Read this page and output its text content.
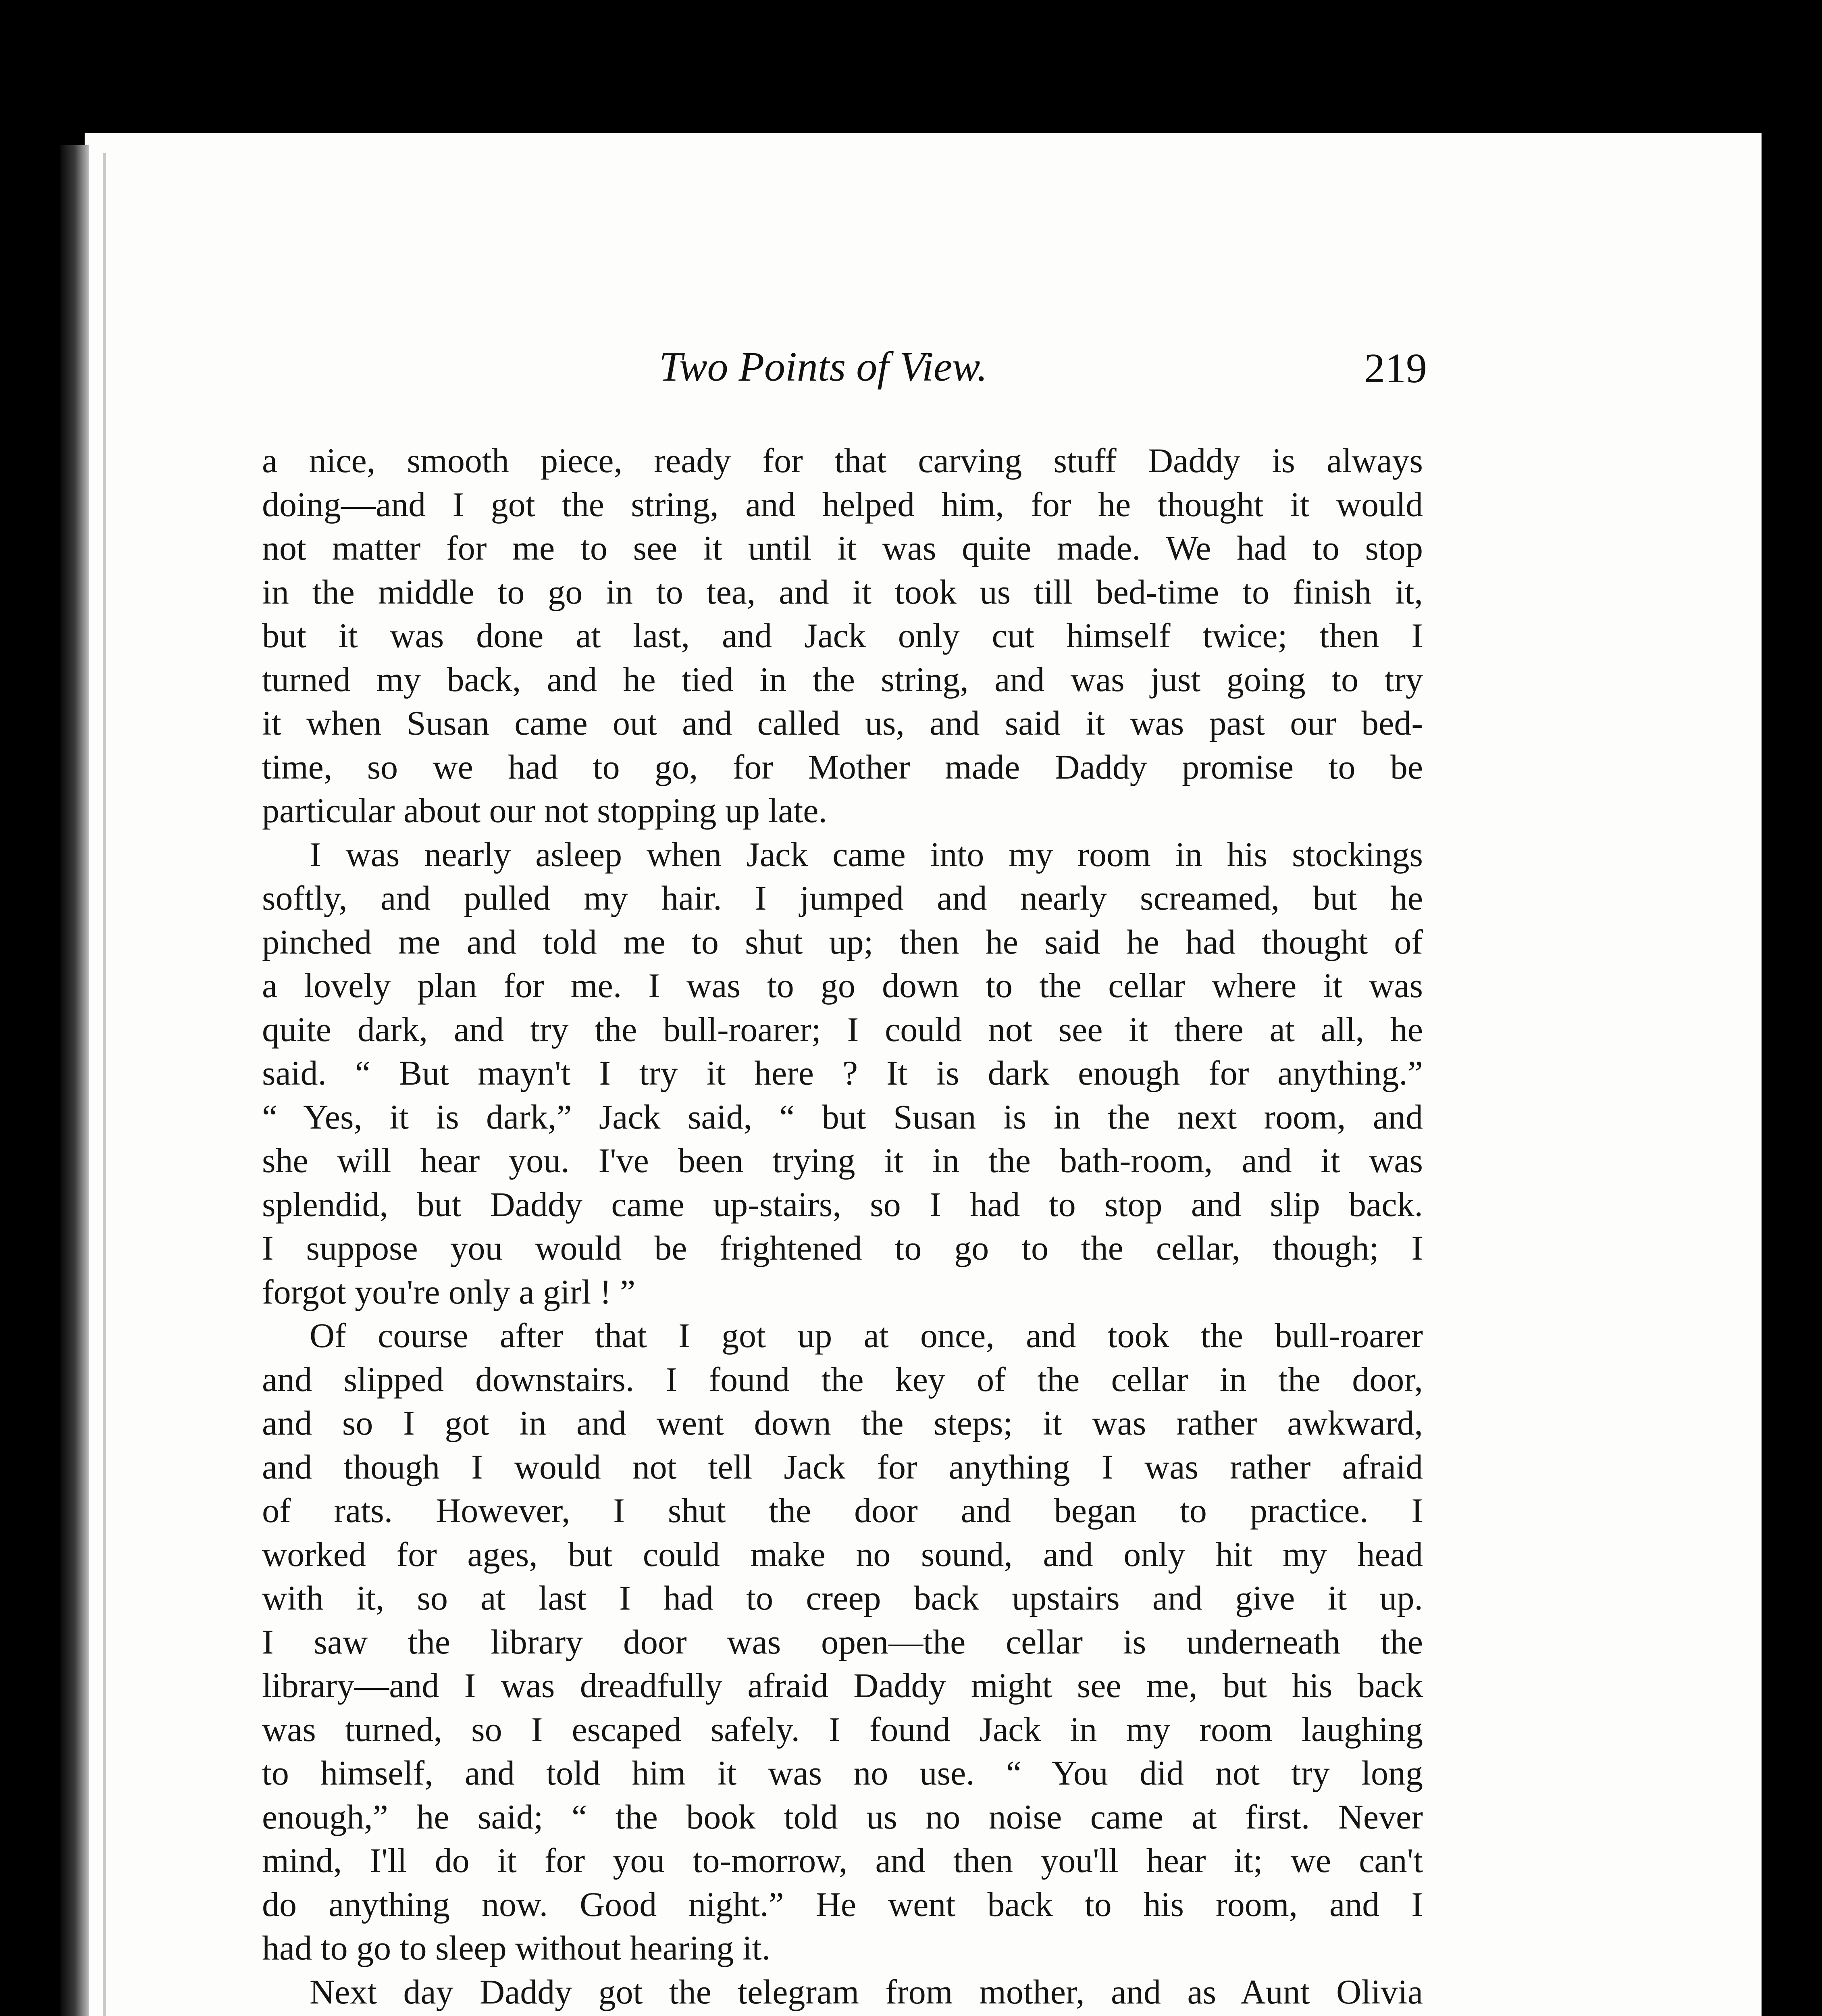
Two Points of View.	219
a nice, smooth piece, ready for that carving stuff Daddy is always
doing—and I got the string, and helped him, for he thought it would
not matter for me to see it until it was quite made. We had to stop
in the middle to go in to tea, and it took us till bed-time to finish it,
but it was done at last, and Jack only cut himself twice; then I
turned my back, and he tied in the string, and was just going to try
it when Susan came out and called us, and said it was past our bed-
time, so we had to go, for Mother made Daddy promise to be
particular about our not stopping up late.
I was nearly asleep when Jack came into my room in his stockings
softly, and pulled my hair. I jumped and nearly screamed, but he
pinched me and told me to shut up; then he said he had thought of
a lovely plan for me. I was to go down to the cellar where it was
quite dark, and try the bull-roarer; I could not see it there at all, he
said. “ But mayn't I try it here ? It is dark enough for anything.”
“ Yes, it is dark,” Jack said, “ but Susan is in the next room, and
she will hear you. I've been trying it in the bath-room, and it was
splendid, but Daddy came up-stairs, so I had to stop and slip back.
I suppose you would be frightened to go to the cellar, though; I
forgot you're only a girl ! ”
Of course after that I got up at once, and took the bull-roarer
and slipped downstairs. I found the key of the cellar in the door,
and so I got in and went down the steps; it was rather awkward,
and though I would not tell Jack for anything I was rather afraid
of rats. However, I shut the door and began to practice. I
worked for ages, but could make no sound, and only hit my head
with it, so at last I had to creep back upstairs and give it up.
I saw the library door was open—the cellar is underneath the
library—and I was dreadfully afraid Daddy might see me, but his back
was turned, so I escaped safely. I found Jack in my room laughing
to himself, and told him it was no use. “ You did not try long
enough,” he said; “ the book told us no noise came at first. Never
mind, I'll do it for you to-morrow, and then you'll hear it; we can't
do anything now. Good night.” He went back to his room, and I
had to go to sleep without hearing it.
Next day Daddy got the telegram from mother, and as Aunt Olivia
